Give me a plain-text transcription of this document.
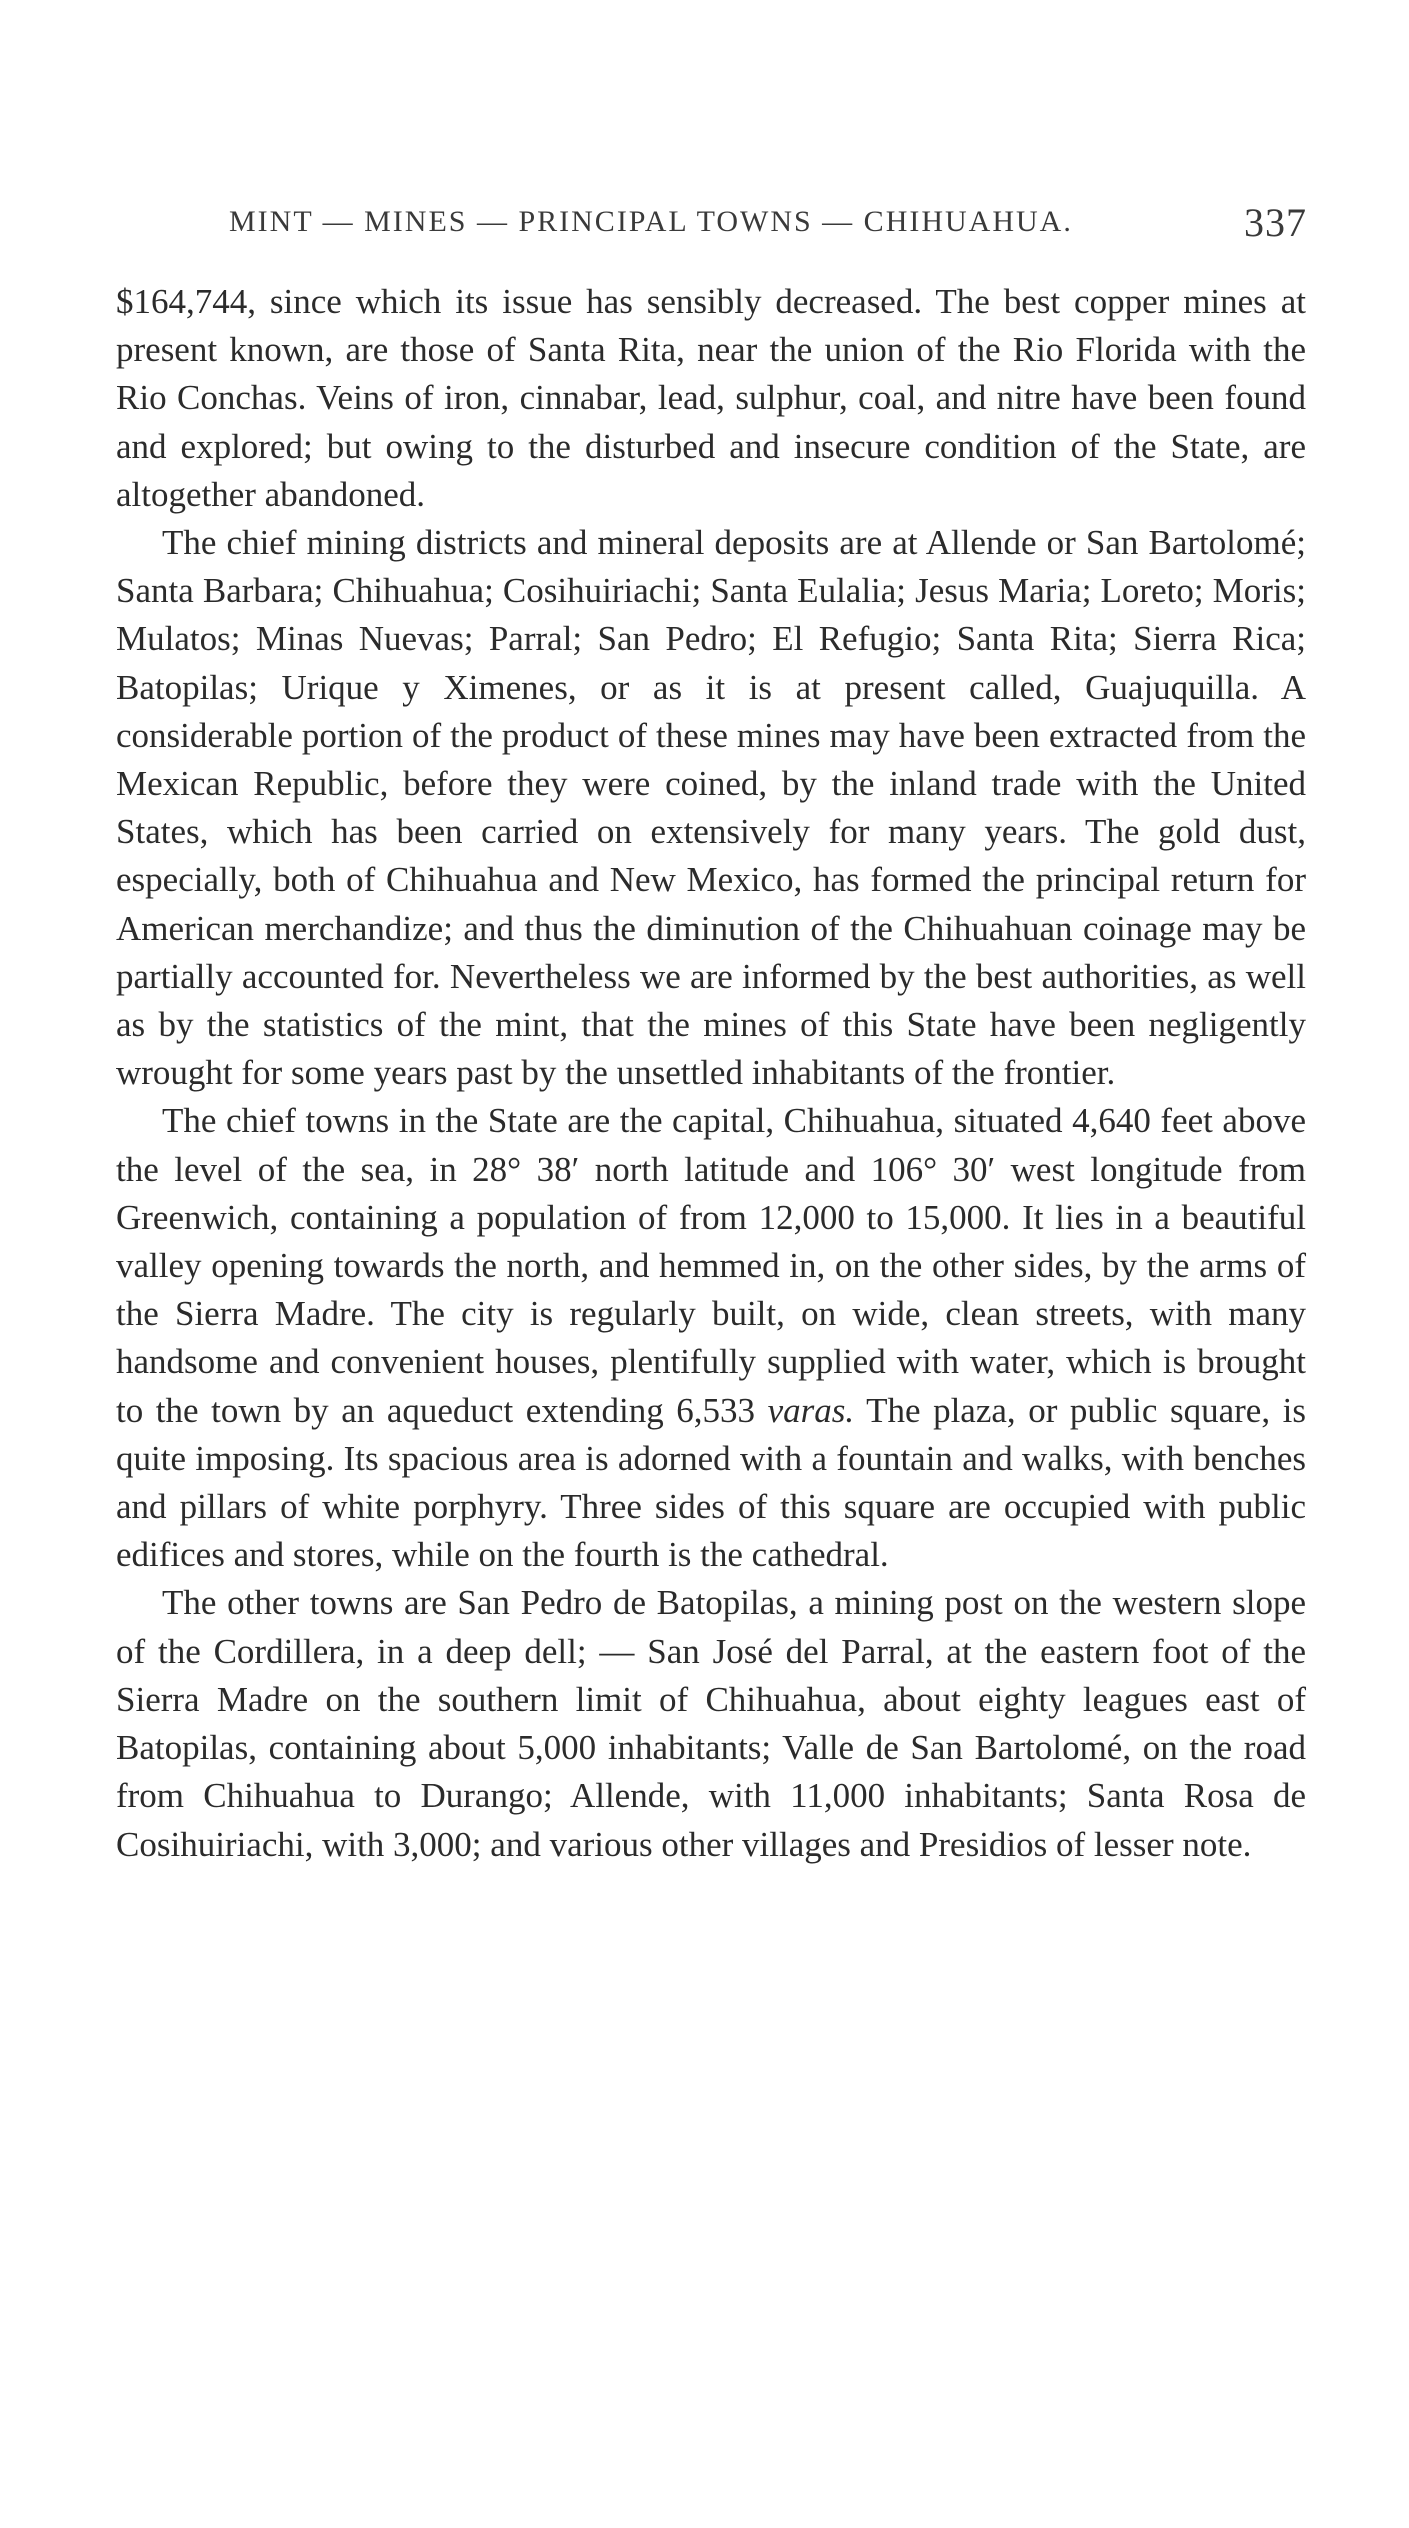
MINT — MINES — PRINCIPAL TOWNS — CHIHUAHUA.	337

$164,744, since which its issue has sensibly decreased. The best copper mines at present known, are those of Santa Rita, near the union of the Rio Florida with the Rio Conchas. Veins of iron, cinnabar, lead, sulphur, coal, and nitre have been found and explored; but owing to the disturbed and insecure condition of the State, are altogether abandoned.

The chief mining districts and mineral deposits are at Allende or San Bartolomé; Santa Barbara; Chihuahua; Cosihuiriachi; Santa Eulalia; Jesus Maria; Loreto; Moris; Mulatos; Minas Nuevas; Parral; San Pedro; El Refugio; Santa Rita; Sierra Rica; Batopilas; Urique y Ximenes, or as it is at present called, Guajuquilla. A considerable portion of the product of these mines may have been extracted from the Mexican Republic, before they were coined, by the inland trade with the United States, which has been carried on extensively for many years. The gold dust, especially, both of Chihuahua and New Mexico, has formed the principal return for American merchandize; and thus the diminution of the Chihuahuan coinage may be partially accounted for. Nevertheless we are informed by the best authorities, as well as by the statistics of the mint, that the mines of this State have been negligently wrought for some years past by the unsettled inhabitants of the frontier.

The chief towns in the State are the capital, Chihuahua, situated 4,640 feet above the level of the sea, in 28° 38′ north latitude and 106° 30′ west longitude from Greenwich, containing a population of from 12,000 to 15,000. It lies in a beautiful valley opening towards the north, and hemmed in, on the other sides, by the arms of the Sierra Madre. The city is regularly built, on wide, clean streets, with many handsome and convenient houses, plentifully supplied with water, which is brought to the town by an aqueduct extending 6,533 varas. The plaza, or public square, is quite imposing. Its spacious area is adorned with a fountain and walks, with benches and pillars of white porphyry. Three sides of this square are occupied with public edifices and stores, while on the fourth is the cathedral.

The other towns are San Pedro de Batopilas, a mining post on the western slope of the Cordillera, in a deep dell; — San José del Parral, at the eastern foot of the Sierra Madre on the southern limit of Chihuahua, about eighty leagues east of Batopilas, containing about 5,000 inhabitants; Valle de San Bartolomé, on the road from Chihuahua to Durango; Allende, with 11,000 inhabitants; Santa Rosa de Cosihuiriachi, with 3,000; and various other villages and Presidios of lesser note.
